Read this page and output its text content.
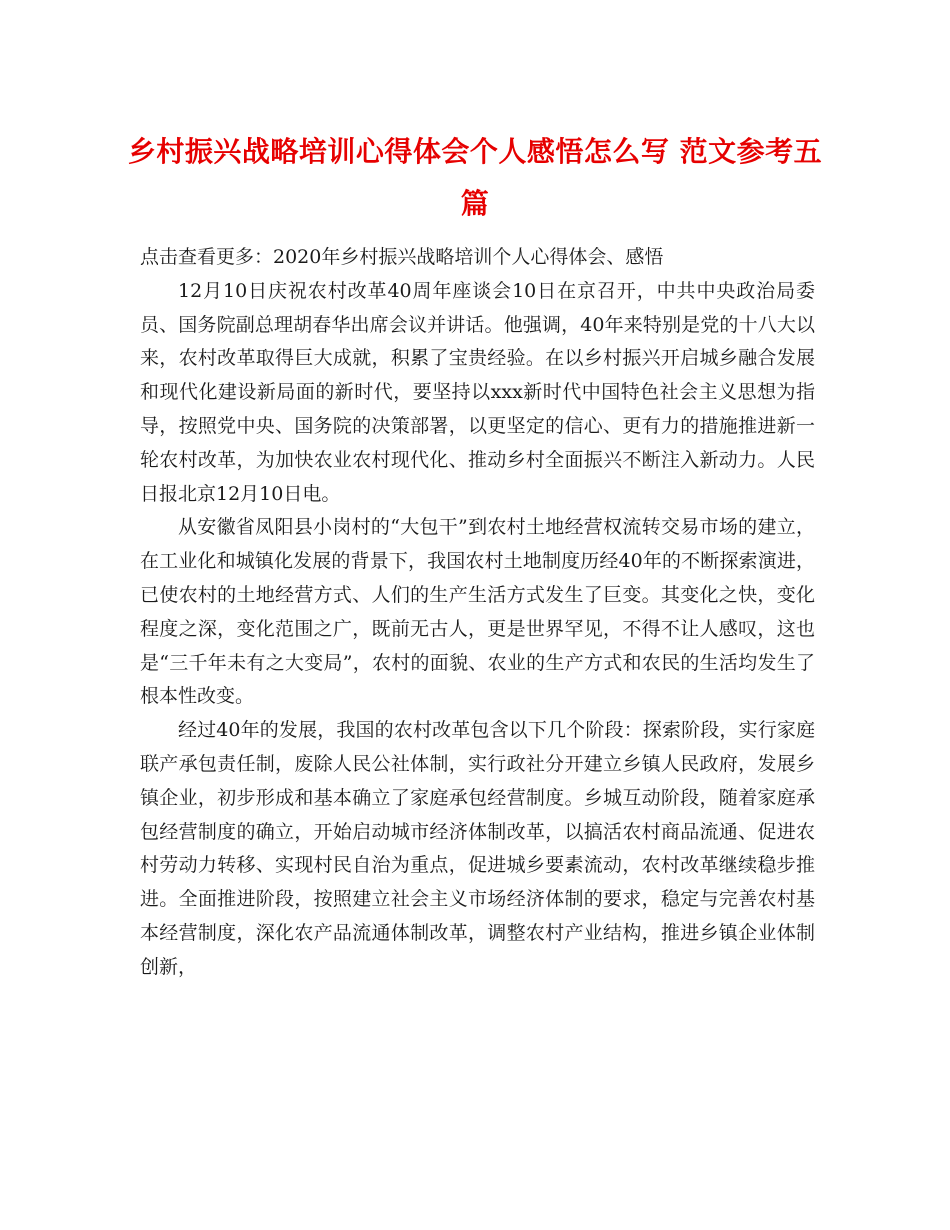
乡村振兴战略培训心得体会个人感悟怎么写 范文参考五篇

点击查看更多：2020年乡村振兴战略培训个人心得体会、感悟

12月10日庆祝农村改革40周年座谈会10日在京召开，中共中央政治局委员、国务院副总理胡春华出席会议并讲话。他强调，40年来特别是党的十八大以来，农村改革取得巨大成就，积累了宝贵经验。在以乡村振兴开启城乡融合发展和现代化建设新局面的新时代，要坚持以xxx新时代中国特色社会主义思想为指导，按照党中央、国务院的决策部署，以更坚定的信心、更有力的措施推进新一轮农村改革，为加快农业农村现代化、推动乡村全面振兴不断注入新动力。人民日报北京12月10日电。

从安徽省凤阳县小岗村的“大包干”到农村土地经营权流转交易市场的建立，在工业化和城镇化发展的背景下，我国农村土地制度历经40年的不断探索演进，已使农村的土地经营方式、人们的生产生活方式发生了巨变。其变化之快，变化程度之深，变化范围之广，既前无古人，更是世界罕见，不得不让人感叹，这也是“三千年未有之大变局”，农村的面貌、农业的生产方式和农民的生活均发生了根本性改变。

经过40年的发展，我国的农村改革包含以下几个阶段：探索阶段，实行家庭联产承包责任制，废除人民公社体制，实行政社分开建立乡镇人民政府，发展乡镇企业，初步形成和基本确立了家庭承包经营制度。乡城互动阶段，随着家庭承包经营制度的确立，开始启动城市经济体制改革，以搞活农村商品流通、促进农村劳动力转移、实现村民自治为重点，促进城乡要素流动，农村改革继续稳步推进。全面推进阶段，按照建立社会主义市场经济体制的要求，稳定与完善农村基本经营制度，深化农产品流通体制改革，调整农村产业结构，推进乡镇企业体制创新，
